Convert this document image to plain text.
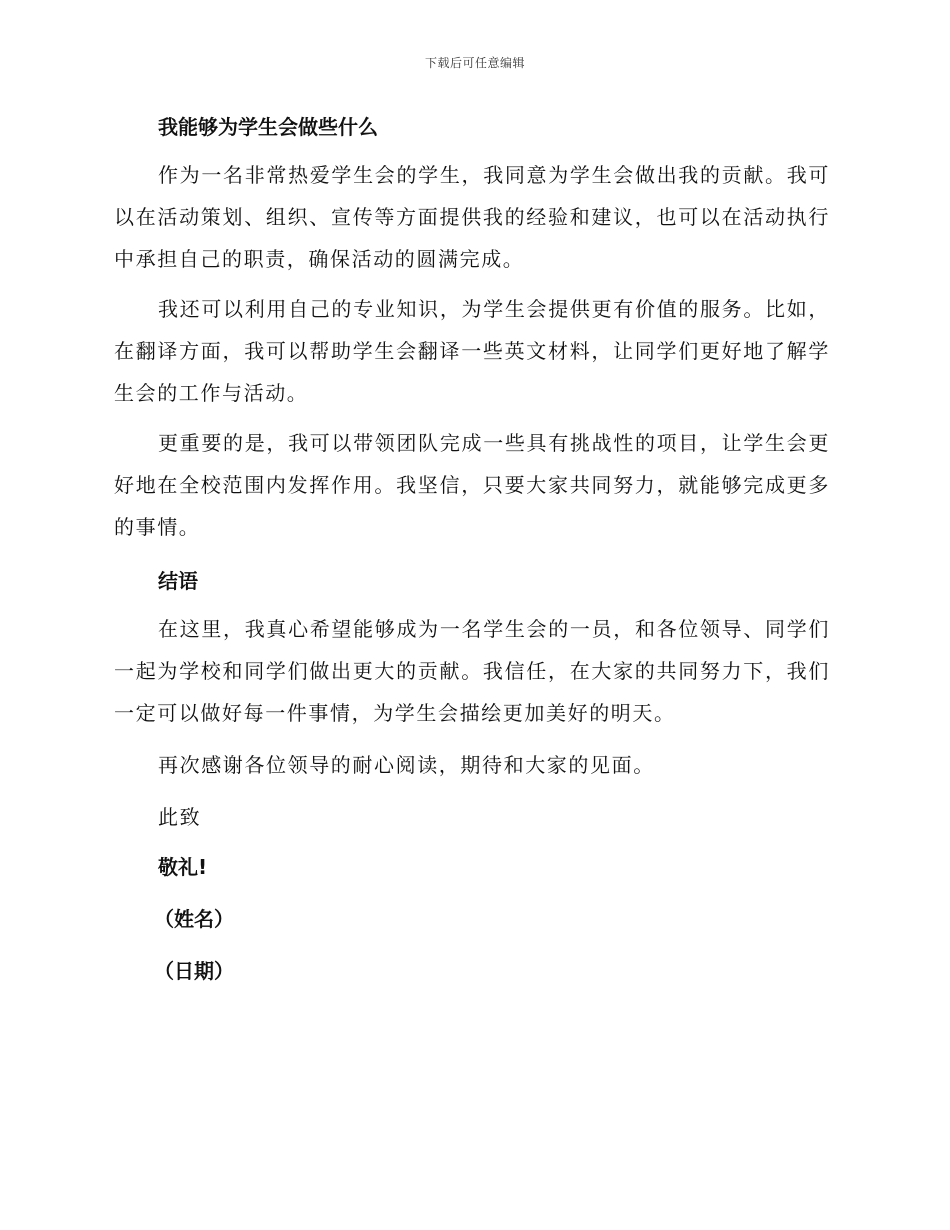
下载后可任意编辑

我能够为学生会做些什么

作为一名非常热爱学生会的学生，我同意为学生会做出我的贡献。我可以在活动策划、组织、宣传等方面提供我的经验和建议，也可以在活动执行中承担自己的职责，确保活动的圆满完成。

我还可以利用自己的专业知识，为学生会提供更有价值的服务。比如，在翻译方面，我可以帮助学生会翻译一些英文材料，让同学们更好地了解学生会的工作与活动。

更重要的是，我可以带领团队完成一些具有挑战性的项目，让学生会更好地在全校范围内发挥作用。我坚信，只要大家共同努力，就能够完成更多的事情。

结语

在这里，我真心希望能够成为一名学生会的一员，和各位领导、同学们一起为学校和同学们做出更大的贡献。我信任，在大家的共同努力下，我们一定可以做好每一件事情，为学生会描绘更加美好的明天。

再次感谢各位领导的耐心阅读，期待和大家的见面。

此致

敬礼!

（姓名）

（日期）
